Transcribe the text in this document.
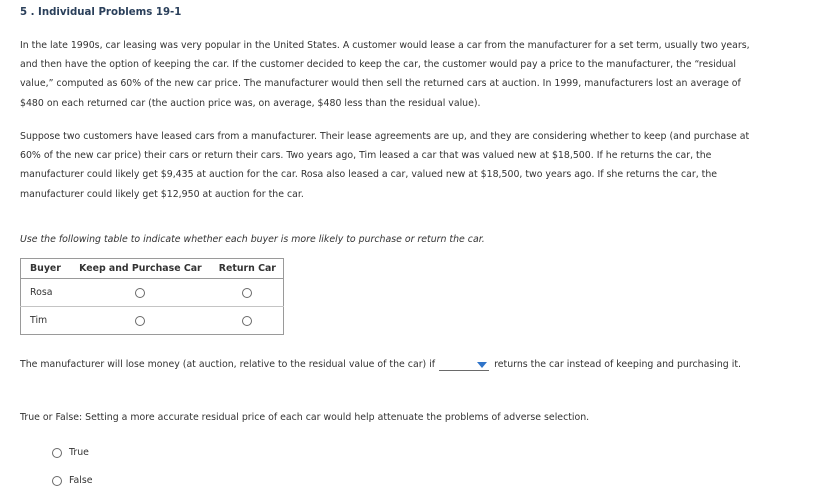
5 . Individual Problems 19-1

In the late 1990s, car leasing was very popular in the United States. A customer would lease a car from the manufacturer for a set term, usually two years, and then have the option of keeping the car. If the customer decided to keep the car, the customer would pay a price to the manufacturer, the “residual value,” computed as 60% of the new car price. The manufacturer would then sell the returned cars at auction. In 1999, manufacturers lost an average of $480 on each returned car (the auction price was, on average, $480 less than the residual value).

Suppose two customers have leased cars from a manufacturer. Their lease agreements are up, and they are considering whether to keep (and purchase at 60% of the new car price) their cars or return their cars. Two years ago, Tim leased a car that was valued new at $18,500. If he returns the car, the manufacturer could likely get $9,435 at auction for the car. Rosa also leased a car, valued new at $18,500, two years ago. If she returns the car, the manufacturer could likely get $12,950 at auction for the car.

Use the following table to indicate whether each buyer is more likely to purchase or return the car.
Buyer	Keep and Purchase Car	Return Car
Rosa		
Tim		
The manufacturer will lose money (at auction, relative to the residual value of the car) if	returns the car instead of keeping and purchasing it.
True or False: Setting a more accurate residual price of each car would help attenuate the problems of adverse selection.
True
False
